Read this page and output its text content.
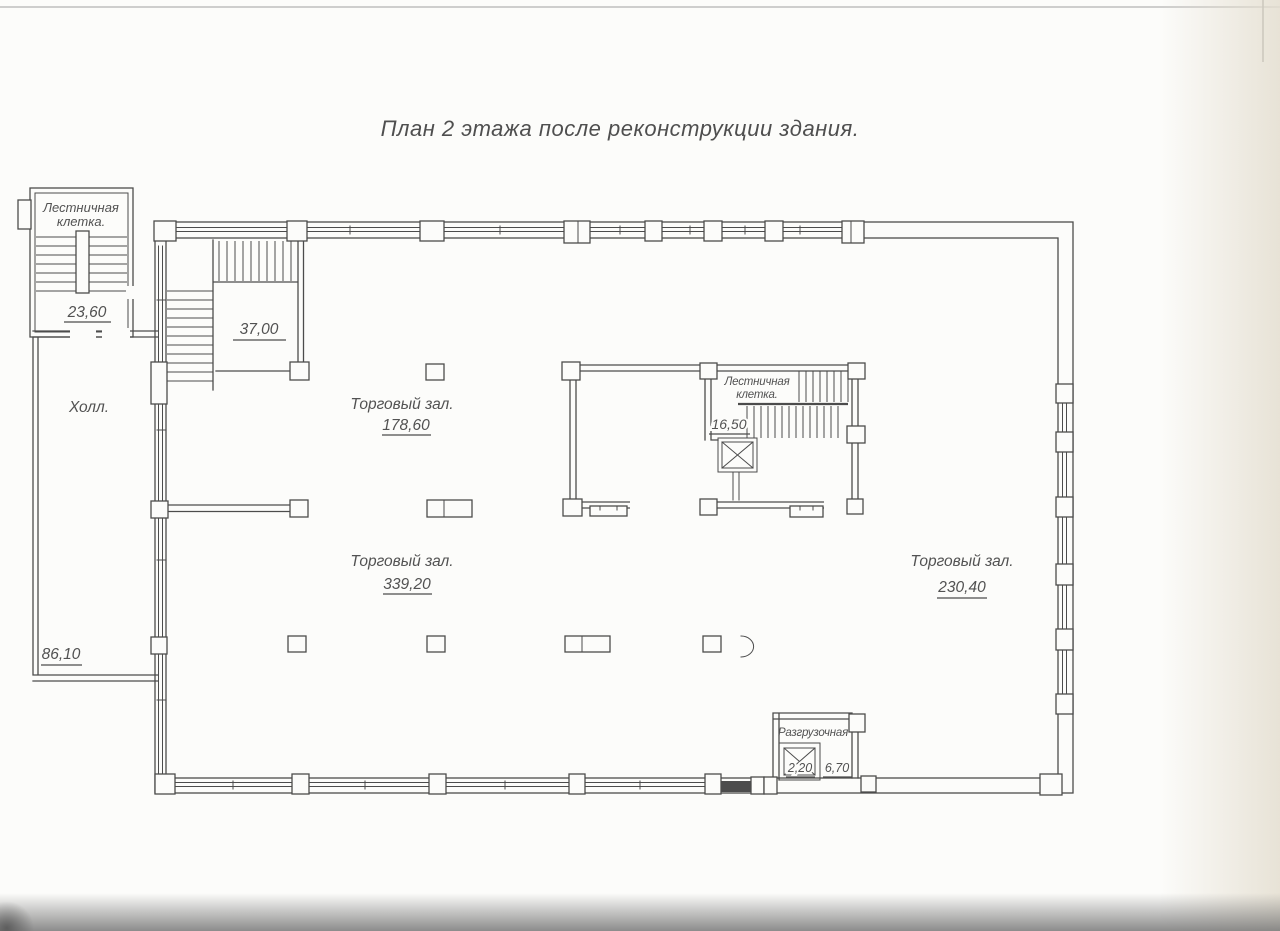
План 2 этажа после реконструкции здания.
Лестничная
клетка.
23,60
37,00
Холл.
86,10
Торговый зал.
178,60
Торговый зал.
339,20
Торговый зал.
230,40
Лестничная
клетка.
16,50
Разгрузочная
2,20 6,70
